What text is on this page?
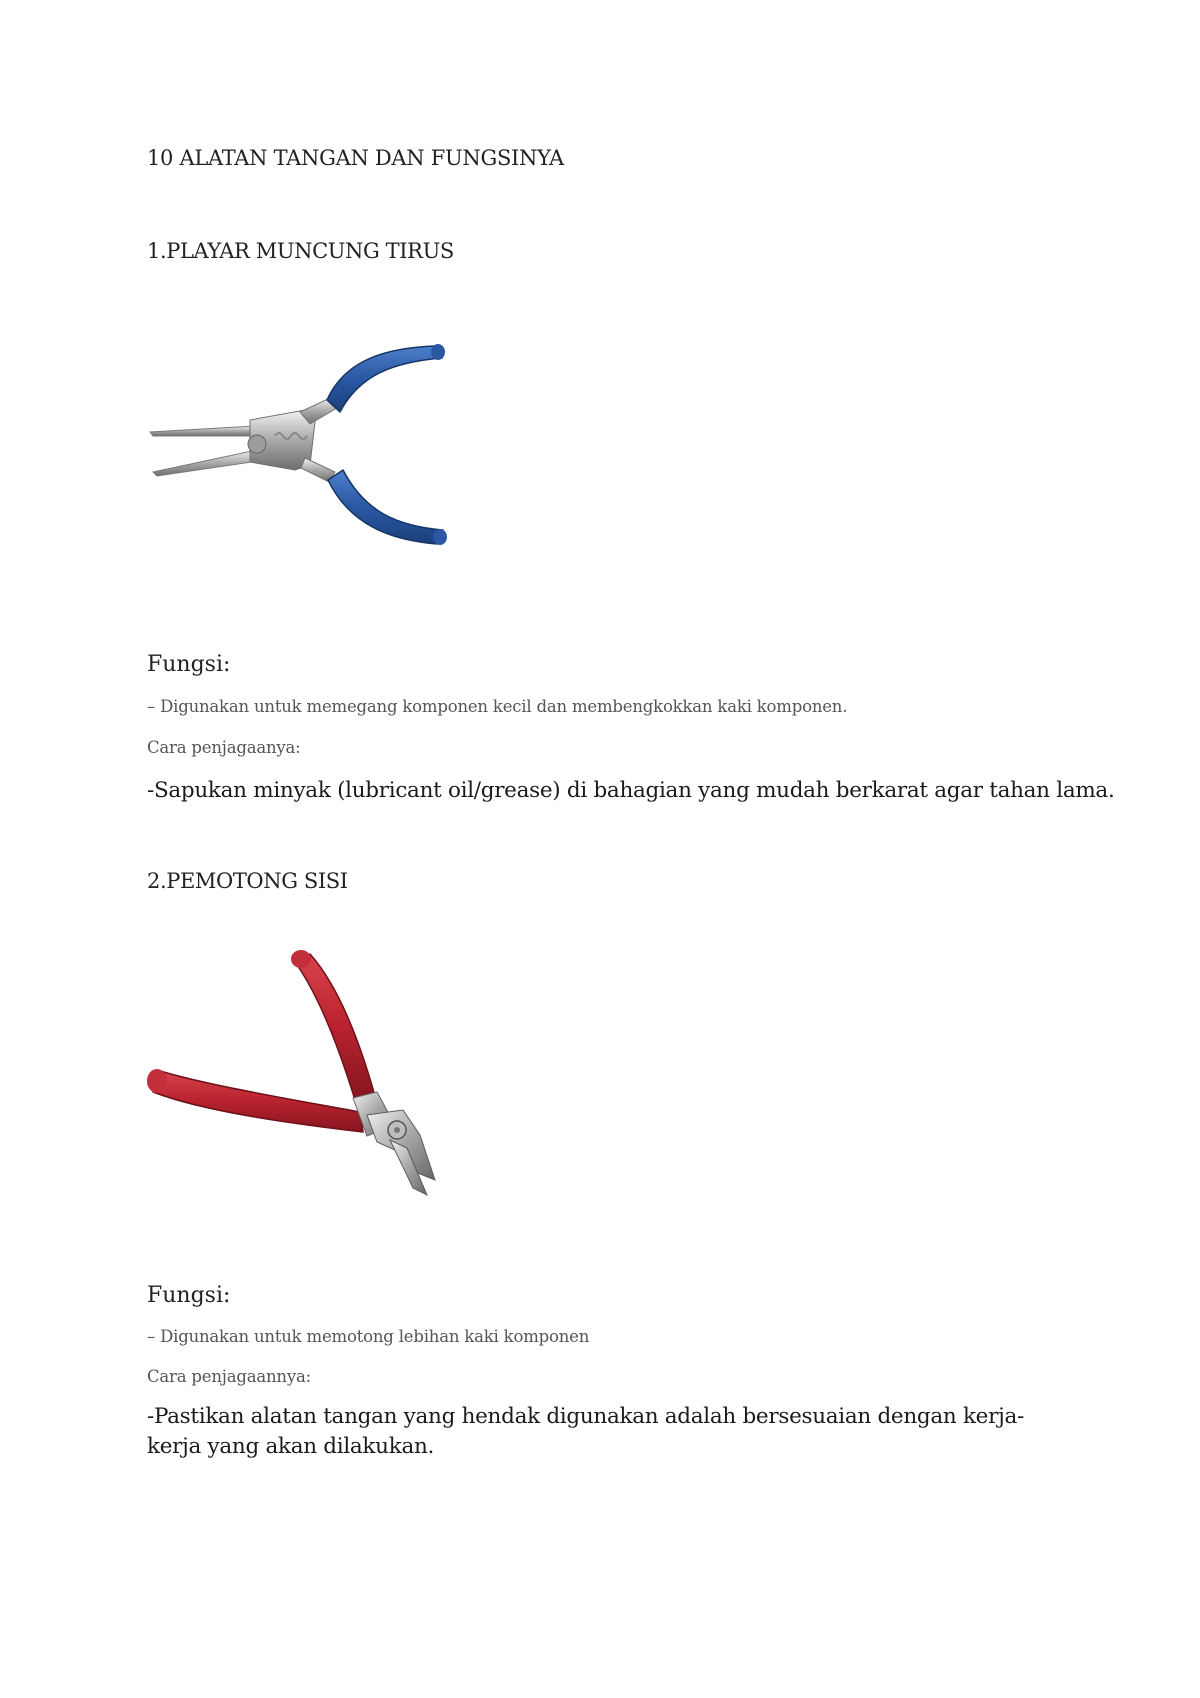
10 ALATAN TANGAN DAN FUNGSINYA

1.PLAYAR MUNCUNG TIRUS

Fungsi:

– Digunakan untuk memegang komponen kecil dan membengkokkan kaki komponen.

Cara penjagaanya:

-Sapukan minyak (lubricant oil/grease) di bahagian yang mudah berkarat agar tahan lama.

2.PEMOTONG SISI

Fungsi:

– Digunakan untuk memotong lebihan kaki komponen

Cara penjagaannya:

-Pastikan alatan tangan yang hendak digunakan adalah bersesuaian dengan kerja- kerja yang akan dilakukan.
